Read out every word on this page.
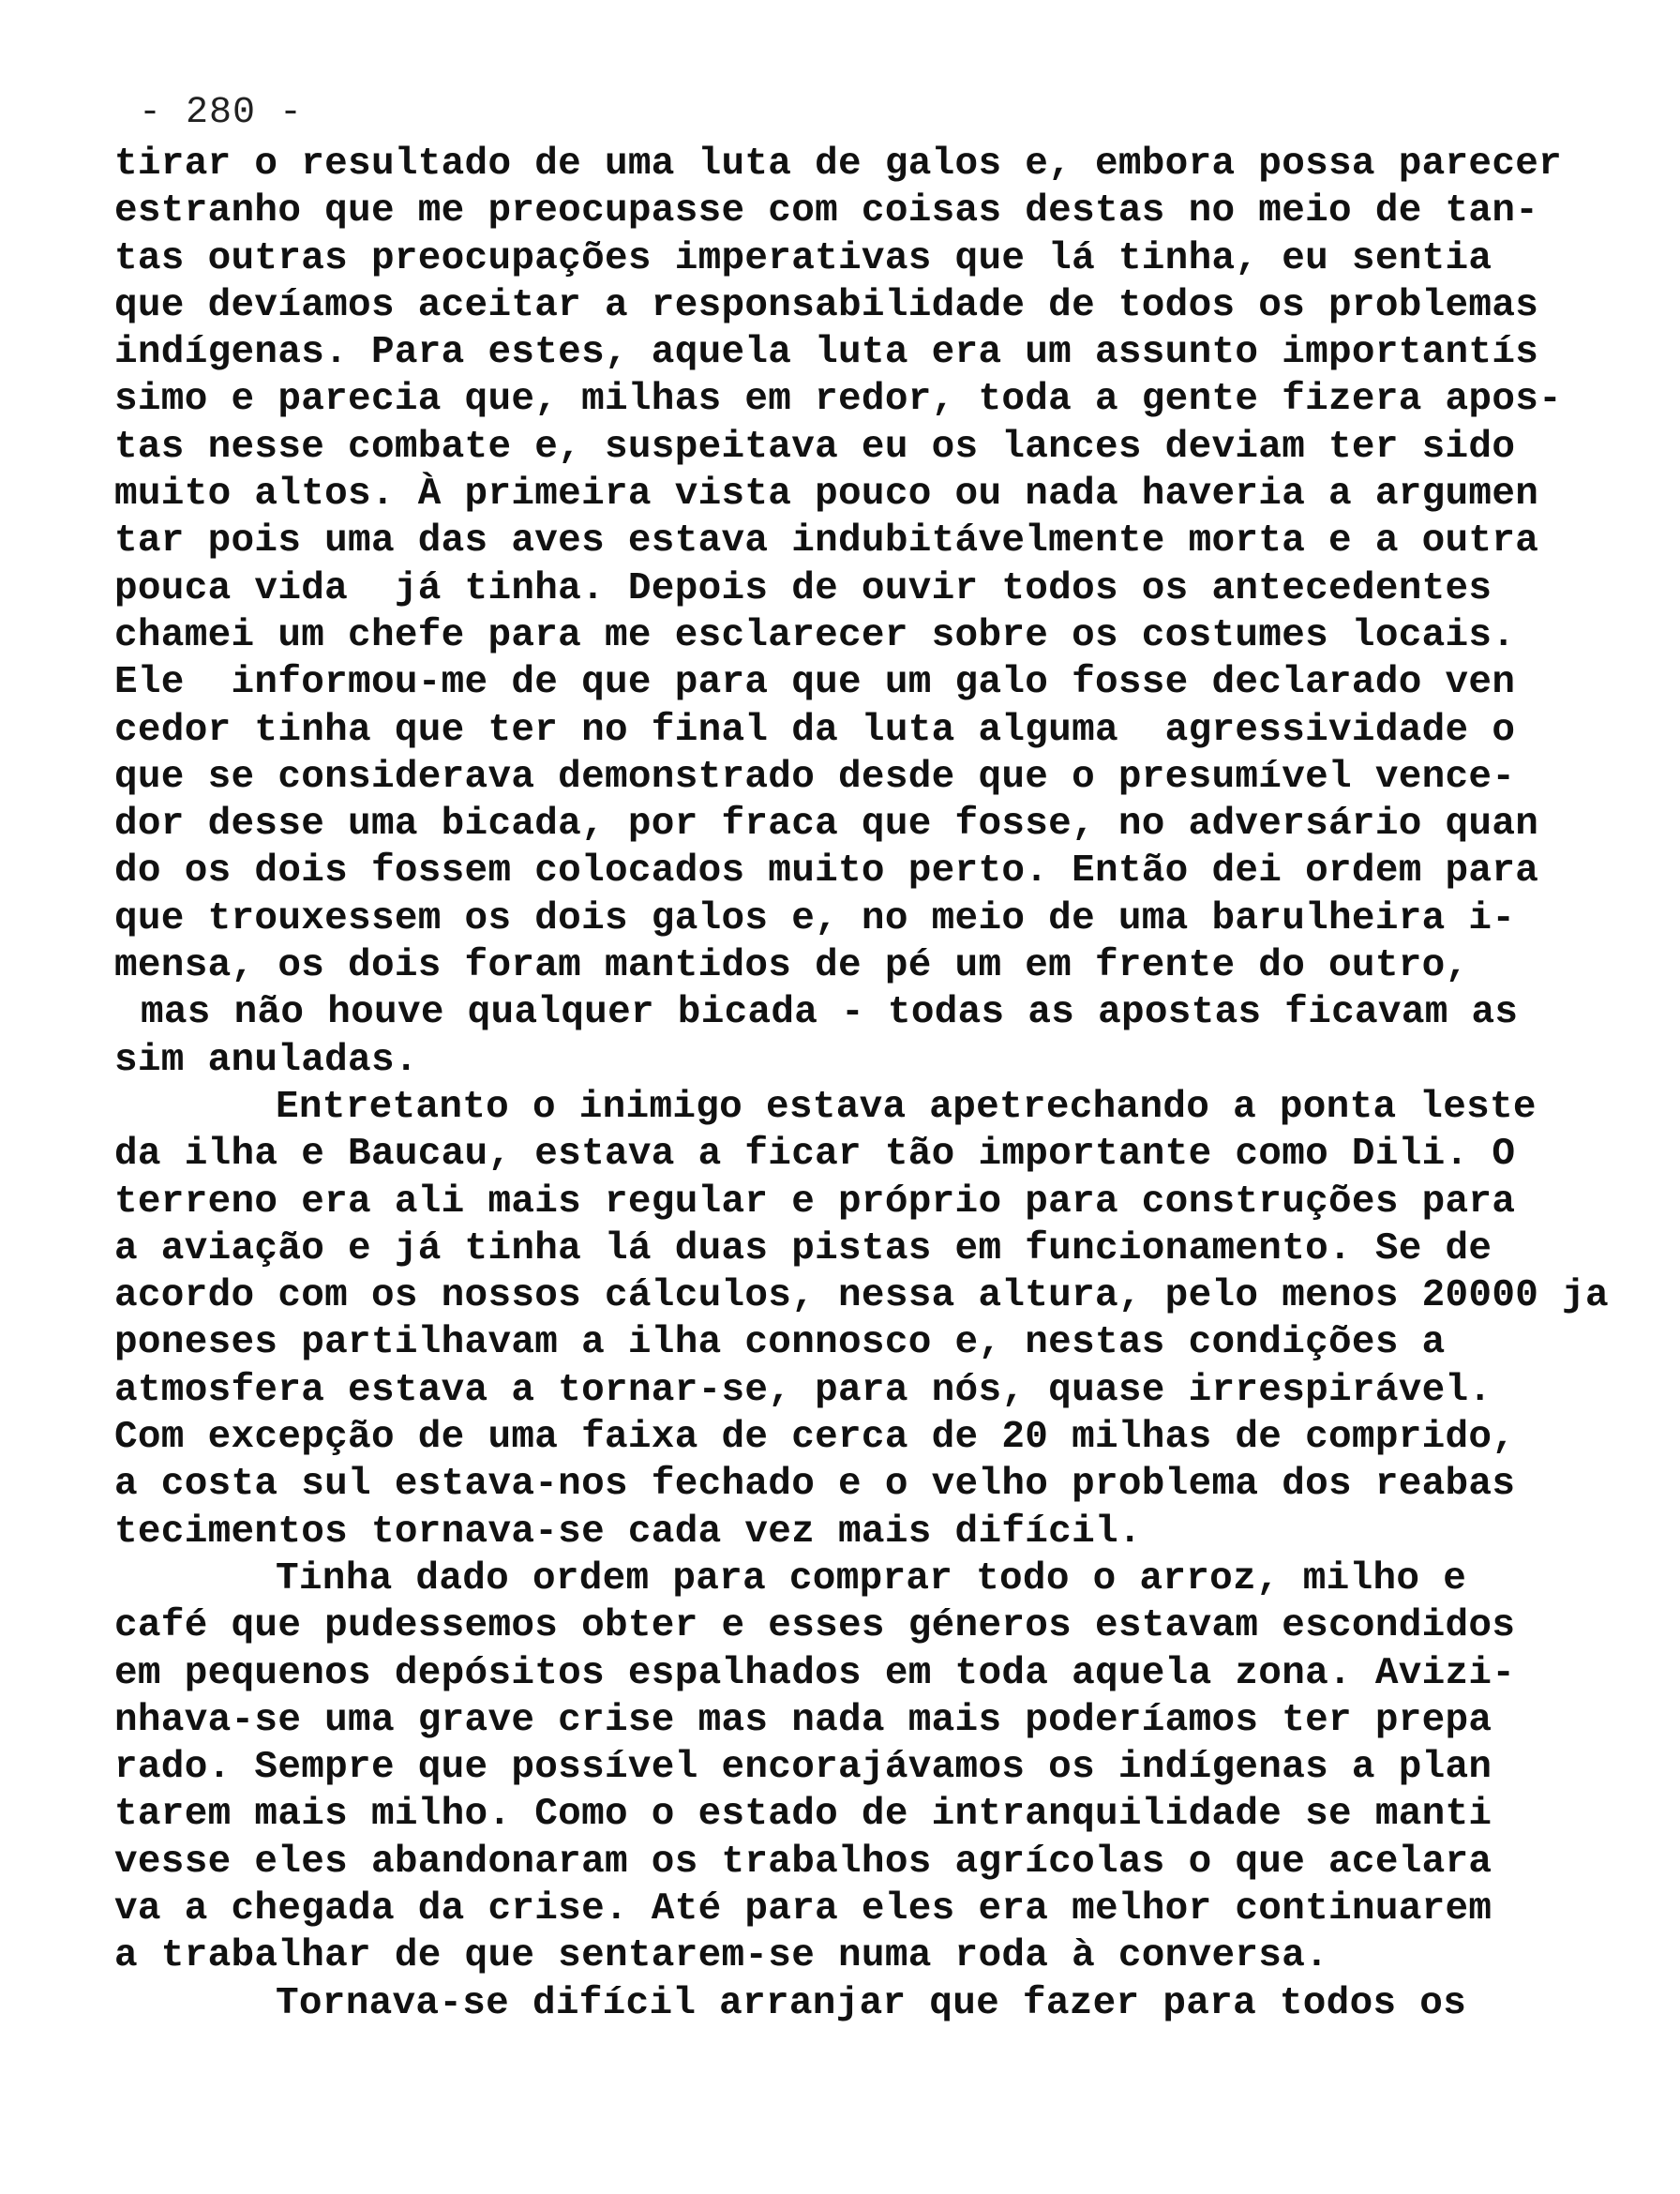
- 280 -
tirar o resultado de uma luta de galos e, embora possa parecer
estranho que me preocupasse com coisas destas no meio de tan-
tas outras preocupações imperativas que lá tinha, eu sentia
que devíamos aceitar a responsabilidade de todos os problemas
indígenas. Para estes, aquela luta era um assunto importantís
simo e parecia que, milhas em redor, toda a gente fizera apos-
tas nesse combate e, suspeitava eu os lances deviam ter sido
muito altos. À primeira vista pouco ou nada haveria a argumen
tar pois uma das aves estava indubitávelmente morta e a outra
pouca vida  já tinha. Depois de ouvir todos os antecedentes
chamei um chefe para me esclarecer sobre os costumes locais.
Ele  informou-me de que para que um galo fosse declarado ven
cedor tinha que ter no final da luta alguma  agressividade o
que se considerava demonstrado desde que o presumível vence-
dor desse uma bicada, por fraca que fosse, no adversário quan
do os dois fossem colocados muito perto. Então dei ordem para
que trouxessem os dois galos e, no meio de uma barulheira i-
mensa, os dois foram mantidos de pé um em frente do outro,
mas não houve qualquer bicada - todas as apostas ficavam as
sim anuladas.
Entretanto o inimigo estava apetrechando a ponta leste
da ilha e Baucau, estava a ficar tão importante como Dili. O
terreno era ali mais regular e próprio para construções para
a aviação e já tinha lá duas pistas em funcionamento. Se de
acordo com os nossos cálculos, nessa altura, pelo menos 20000 ja
poneses partilhavam a ilha connosco e, nestas condições a
atmosfera estava a tornar-se, para nós, quase irrespirável.
Com excepção de uma faixa de cerca de 20 milhas de comprido,
a costa sul estava-nos fechado e o velho problema dos reabas
tecimentos tornava-se cada vez mais difícil.
Tinha dado ordem para comprar todo o arroz, milho e
café que pudessemos obter e esses géneros estavam escondidos
em pequenos depósitos espalhados em toda aquela zona. Avizi-
nhava-se uma grave crise mas nada mais poderíamos ter prepa
rado. Sempre que possível encorajávamos os indígenas a plan
tarem mais milho. Como o estado de intranquilidade se manti
vesse eles abandonaram os trabalhos agrícolas o que acelara
va a chegada da crise. Até para eles era melhor continuarem
a trabalhar de que sentarem-se numa roda à conversa.
Tornava-se difícil arranjar que fazer para todos os
